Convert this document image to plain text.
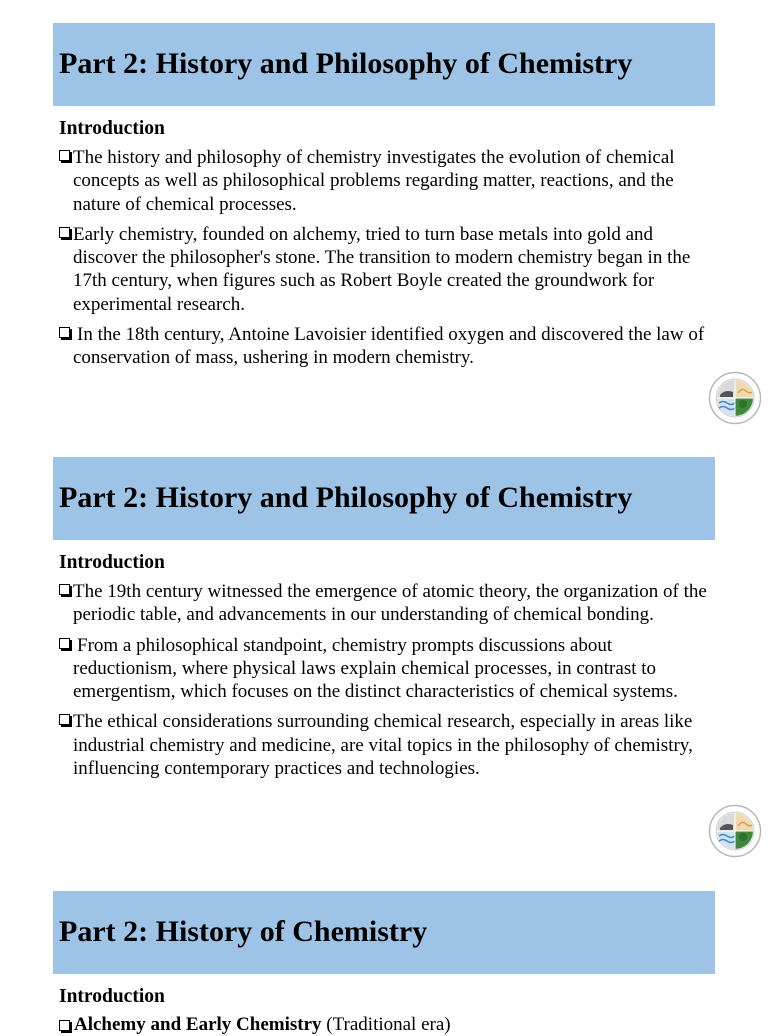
Part 2: History and Philosophy of Chemistry
Introduction
The history and philosophy of chemistry investigates the evolution of chemical concepts as well as philosophical problems regarding matter, reactions, and the nature of chemical processes.
Early chemistry, founded on alchemy, tried to turn base metals into gold and discover the philosopher's stone. The transition to modern chemistry began in the 17th century, when figures such as Robert Boyle created the groundwork for experimental research.
In the 18th century, Antoine Lavoisier identified oxygen and discovered the law of conservation of mass, ushering in modern chemistry.
Part 2: History and Philosophy of Chemistry
Introduction
The 19th century witnessed the emergence of atomic theory, the organization of the periodic table, and advancements in our understanding of chemical bonding.
From a philosophical standpoint, chemistry prompts discussions about reductionism, where physical laws explain chemical processes, in contrast to emergentism, which focuses on the distinct characteristics of chemical systems.
The ethical considerations surrounding chemical research, especially in areas like industrial chemistry and medicine, are vital topics in the philosophy of chemistry, influencing contemporary practices and technologies.
Part 2: History of Chemistry
Introduction
Alchemy and Early Chemistry (Traditional era)
